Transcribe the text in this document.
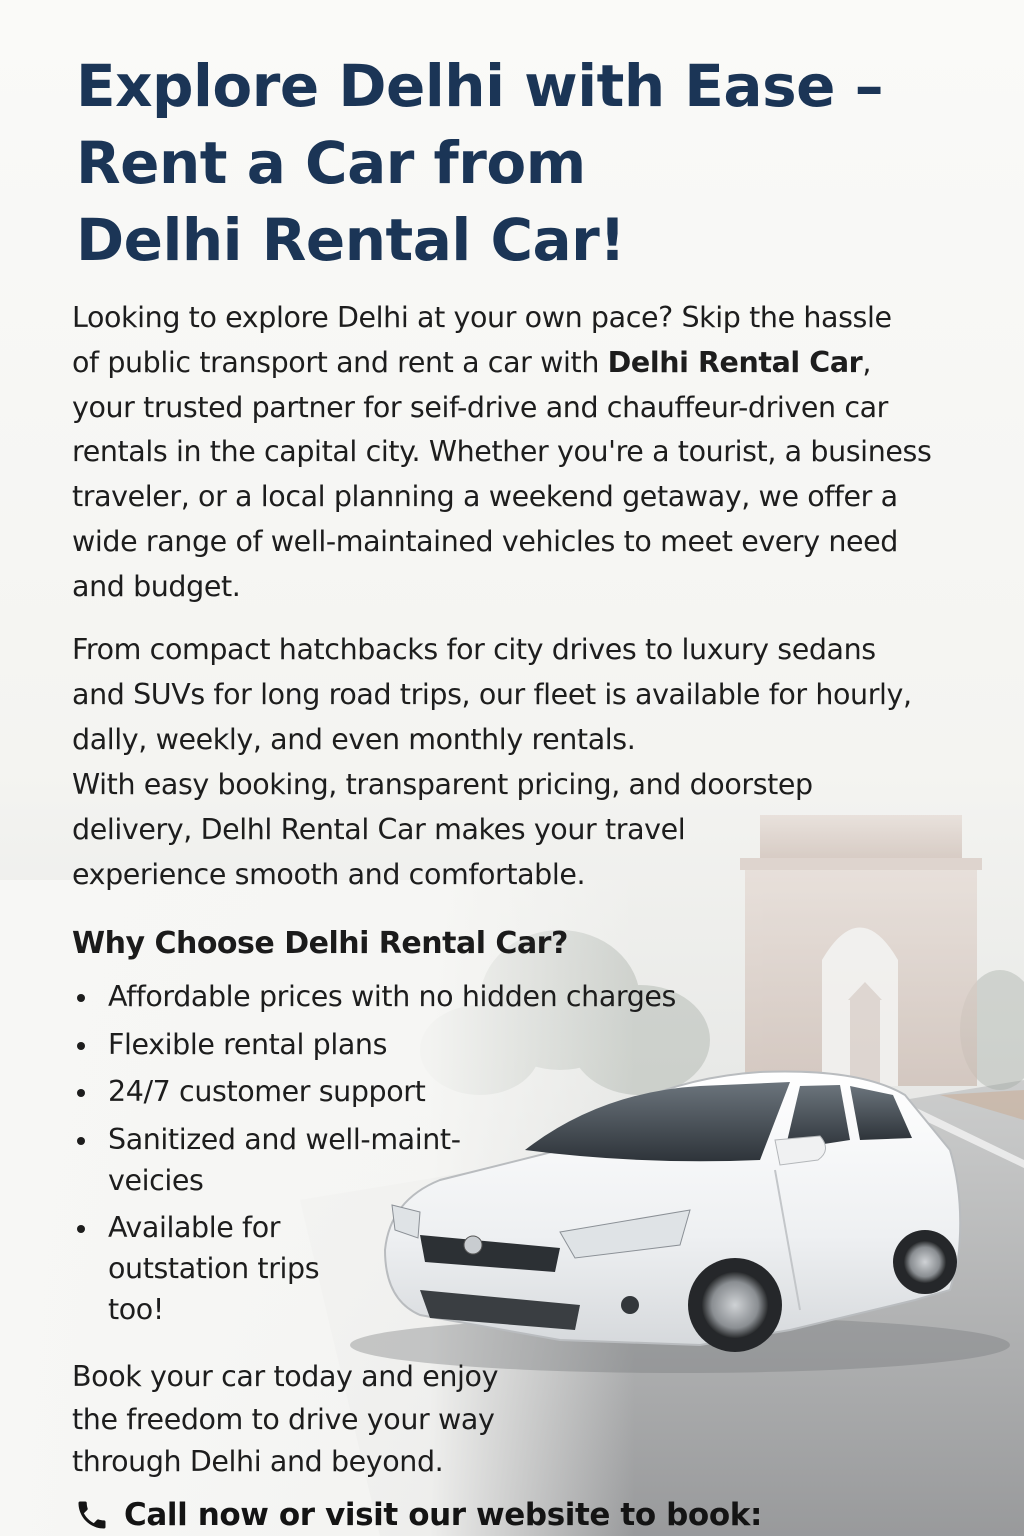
Explore Delhi with Ease –
Rent a Car from
Delhi Rental Car!

Looking to explore Delhi at your own pace? Skip the hassle
of public transport and rent a car with Delhi Rental Car,
your trusted partner for seif-drive and chauffeur-driven car
rentals in the capital city. Whether you're a tourist, a business
traveler, or a local planning a weekend getaway, we offer a
wide range of well-maintained vehicles to meet every need
and budget.

From compact hatchbacks for city drives to luxury sedans
and SUVs for long road trips, our fleet is available for hourly,
dally, weekly, and even monthly rentals.

With easy booking, transparent pricing, and doorstep
delivery, Delhl Rental Car makes your travel
experience smooth and comfortable.

Why Choose Delhi Rental Car?
Affordable prices with no hidden charges
Flexible rental plans
24/7 customer support
Sanitized and well-maint-
veicies
Available for
outstation trips
too!

Book your car today and enjoy
the freedom to drive your way
through Delhi and beyond.

Call now or visit our website to book:
